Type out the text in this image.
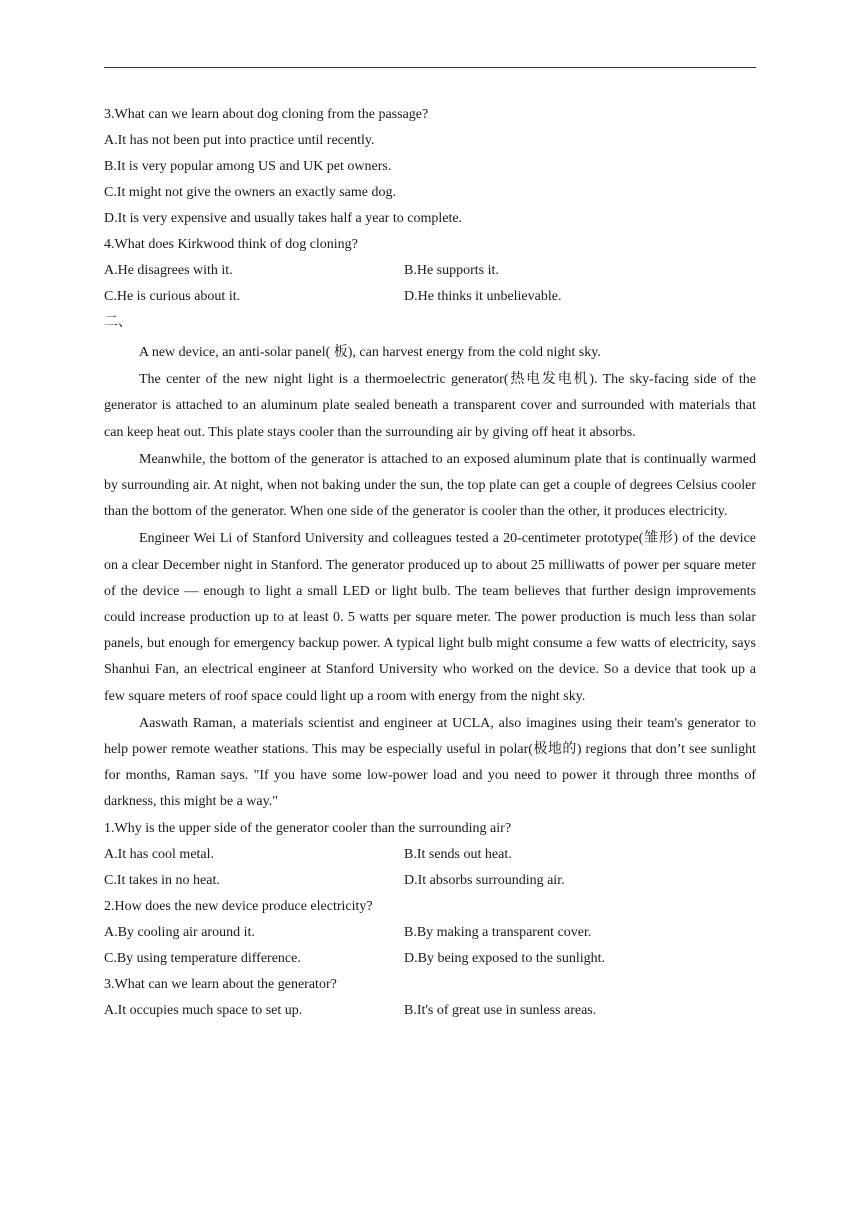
3.What can we learn about dog cloning from the passage?
A.It has not been put into practice until recently.
B.It is very popular among US and UK pet owners.
C.It might not give the owners an exactly same dog.
D.It is very expensive and usually takes half a year to complete.
4.What does Kirkwood think of dog cloning?
A.He disagrees with it.	B.He supports it.
C.He is curious about it.	D.He thinks it unbelievable.
二、

A new device, an anti-solar panel( 板), can harvest energy from the cold night sky.

The center of the new night light is a thermoelectric generator(热电发电机). The sky-facing side of the generator is attached to an aluminum plate sealed beneath a transparent cover and surrounded with materials that can keep heat out. This plate stays cooler than the surrounding air by giving off heat it absorbs.

Meanwhile, the bottom of the generator is attached to an exposed aluminum plate that is continually warmed by surrounding air. At night, when not baking under the sun, the top plate can get a couple of degrees Celsius cooler than the bottom of the generator. When one side of the generator is cooler than the other, it produces electricity.

Engineer Wei Li of Stanford University and colleagues tested a 20-centimeter prototype(雏形) of the device on a clear December night in Stanford. The generator produced up to about 25 milliwatts of power per square meter of the device — enough to light a small LED or light bulb. The team believes that further design improvements could increase production up to at least 0. 5 watts per square meter. The power production is much less than solar panels, but enough for emergency backup power. A typical light bulb might consume a few watts of electricity, says Shanhui Fan, an electrical engineer at Stanford University who worked on the device. So a device that took up a few square meters of roof space could light up a room with energy from the night sky.

Aaswath Raman, a materials scientist and engineer at UCLA, also imagines using their team's generator to help power remote weather stations. This may be especially useful in polar(极地的) regions that don’t see sunlight for months, Raman says. "If you have some low-power load and you need to power it through three months of darkness, this might be a way."

1.Why is the upper side of the generator cooler than the surrounding air?
A.It has cool metal.	B.It sends out heat.
C.It takes in no heat.	D.It absorbs surrounding air.
2.How does the new device produce electricity?
A.By cooling air around it.	B.By making a transparent cover.
C.By using temperature difference.	D.By being exposed to the sunlight.
3.What can we learn about the generator?
A.It occupies much space to set up.	B.It's of great use in sunless areas.
